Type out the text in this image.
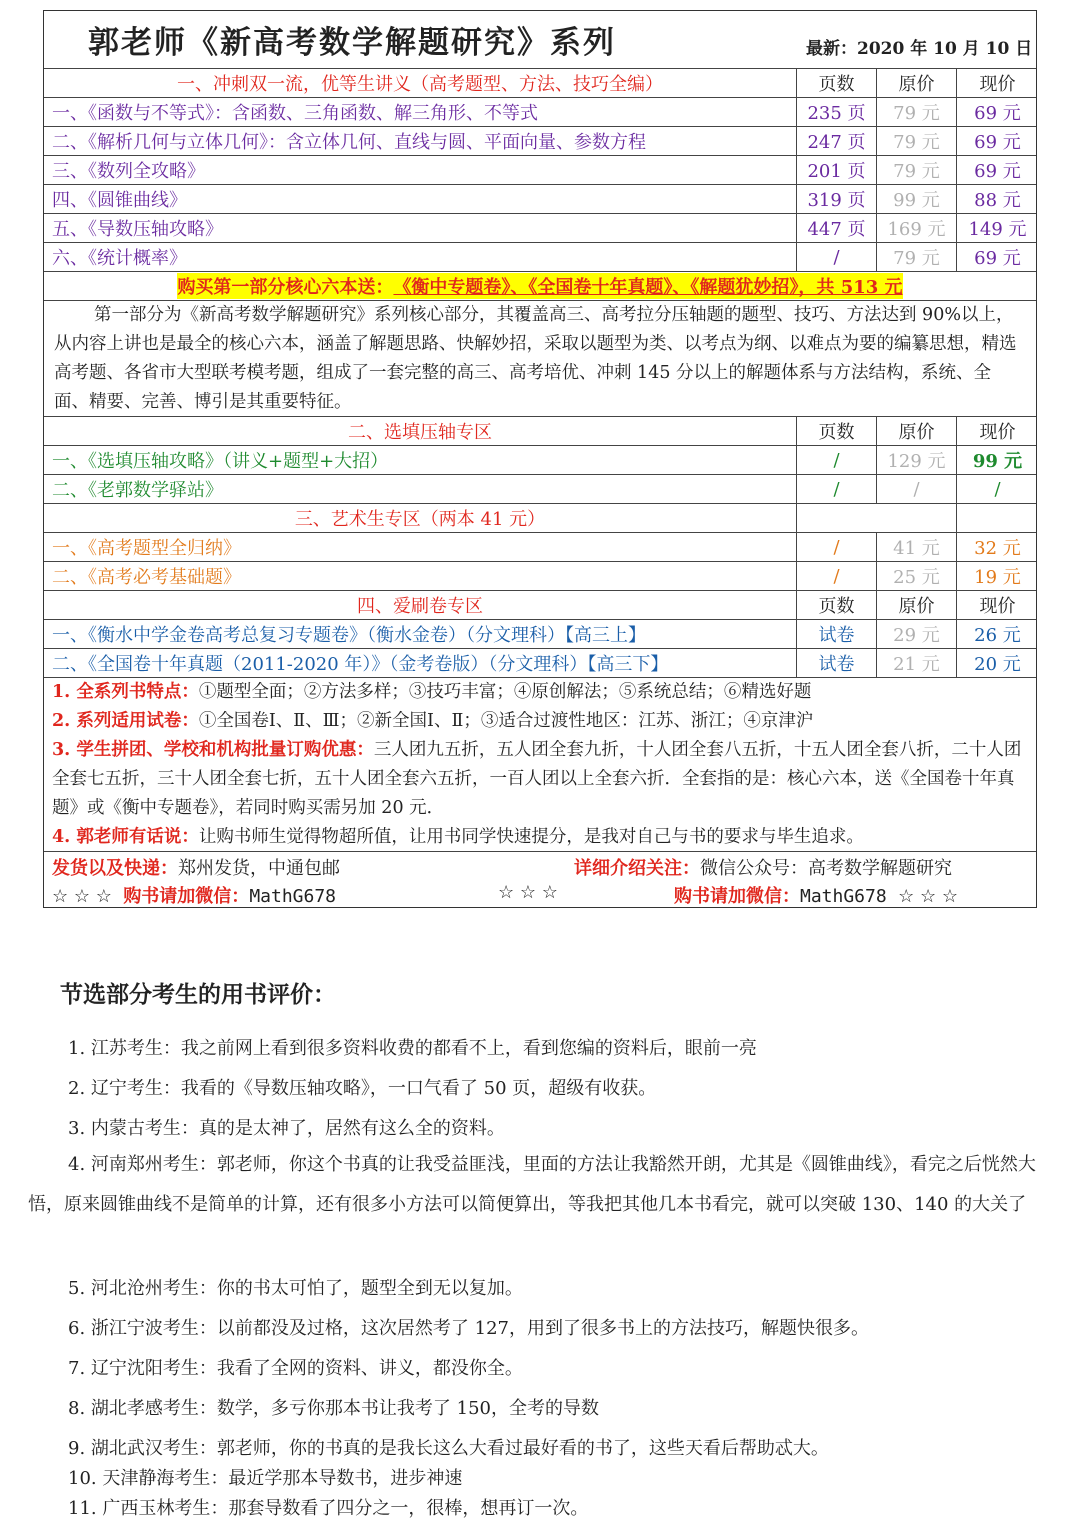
郭老师《新高考数学解题研究》系列	最新：2020 年 10 月 10 日
一、冲刺双一流，优等生讲义（高考题型、方法、技巧全编）	页数	原价	现价
一、《函数与不等式》：含函数、三角函数、解三角形、不等式	235 页	79 元	69 元
二、《解析几何与立体几何》：含立体几何、直线与圆、平面向量、参数方程	247 页	79 元	69 元
三、《数列全攻略》	201 页	79 元	69 元
四、《圆锥曲线》	319 页	99 元	88 元
五、《导数压轴攻略》	447 页	169 元	149 元
六、《统计概率》	/	79 元	69 元
购买第一部分核心六本送： 《衡中专题卷》、《全国卷十年真题》、《解题犹妙招》，共 513 元
第一部分为《新高考数学解题研究》系列核心部分，其覆盖高三、高考拉分压轴题的题型、技巧、方法达到 90%以上，从内容上讲也是最全的核心六本，涵盖了解题思路、快解妙招，采取以题型为类、以考点为纲、以难点为要的编纂思想，精选高考题、各省市大型联考模考题，组成了一套完整的高三、高考培优、冲刺 145 分以上的解题体系与方法结构，系统、全面、精要、完善、博引是其重要特征。
二、选填压轴专区	页数	原价	现价
一、《选填压轴攻略》（讲义+题型+大招）	/	129 元	99 元
二、《老郭数学驿站》	/	/	/
三、艺术生专区（两本 41 元）
一、《高考题型全归纳》	/	41 元	32 元
二、《高考必考基础题》	/	25 元	19 元
四、爱刷卷专区	页数	原价	现价
一、《衡水中学金卷高考总复习专题卷》（衡水金卷）（分文理科）【高三上】	试卷	29 元	26 元
二、《全国卷十年真题（2011-2020 年）》（金考卷版）（分文理科）【高三下】	试卷	21 元	20 元
1. 全系列书特点：①题型全面；②方法多样；③技巧丰富；④原创解法；⑤系统总结；⑥精选好题
2. 系列适用试卷：①全国卷Ⅰ、Ⅱ、Ⅲ；②新全国Ⅰ、Ⅱ；③适合过渡性地区：江苏、浙江；④京津沪
3. 学生拼团、学校和机构批量订购优惠：三人团九五折，五人团全套九折，十人团全套八五折，十五人团全套八折，二十人团全套七五折，三十人团全套七折，五十人团全套六五折，一百人团以上全套六折．全套指的是：核心六本，送《全国卷十年真题》或《衡中专题卷》，若同时购买需另加 20 元．
4. 郭老师有话说：让购书师生觉得物超所值，让用书同学快速提分，是我对自己与书的要求与毕生追求。
发货以及快递：郑州发货，中通包邮	详细介绍关注：微信公众号：高考数学解题研究
☆ ☆ ☆ 购书请加微信：MathG678	☆ ☆ ☆	购书请加微信：MathG678 ☆ ☆ ☆
节选部分考生的用书评价：
1. 江苏考生：我之前网上看到很多资料收费的都看不上，看到您编的资料后，眼前一亮
2. 辽宁考生：我看的《导数压轴攻略》，一口气看了 50 页，超级有收获。
3. 内蒙古考生：真的是太神了，居然有这么全的资料。
4. 河南郑州考生：郭老师，你这个书真的让我受益匪浅，里面的方法让我豁然开朗，尤其是《圆锥曲线》，看完之后恍然大悟，原来圆锥曲线不是简单的计算，还有很多小方法可以简便算出，等我把其他几本书看完，就可以突破 130、140 的大关了
5. 河北沧州考生：你的书太可怕了，题型全到无以复加。
6. 浙江宁波考生：以前都没及过格，这次居然考了 127，用到了很多书上的方法技巧，解题快很多。
7. 辽宁沈阳考生：我看了全网的资料、讲义，都没你全。
8. 湖北孝感考生：数学，多亏你那本书让我考了 150，全考的导数
9. 湖北武汉考生：郭老师，你的书真的是我长这么大看过最好看的书了，这些天看后帮助忒大。
10. 天津静海考生：最近学那本导数书，进步神速
11. 广西玉林考生：那套导数看了四分之一，很棒，想再订一次。
